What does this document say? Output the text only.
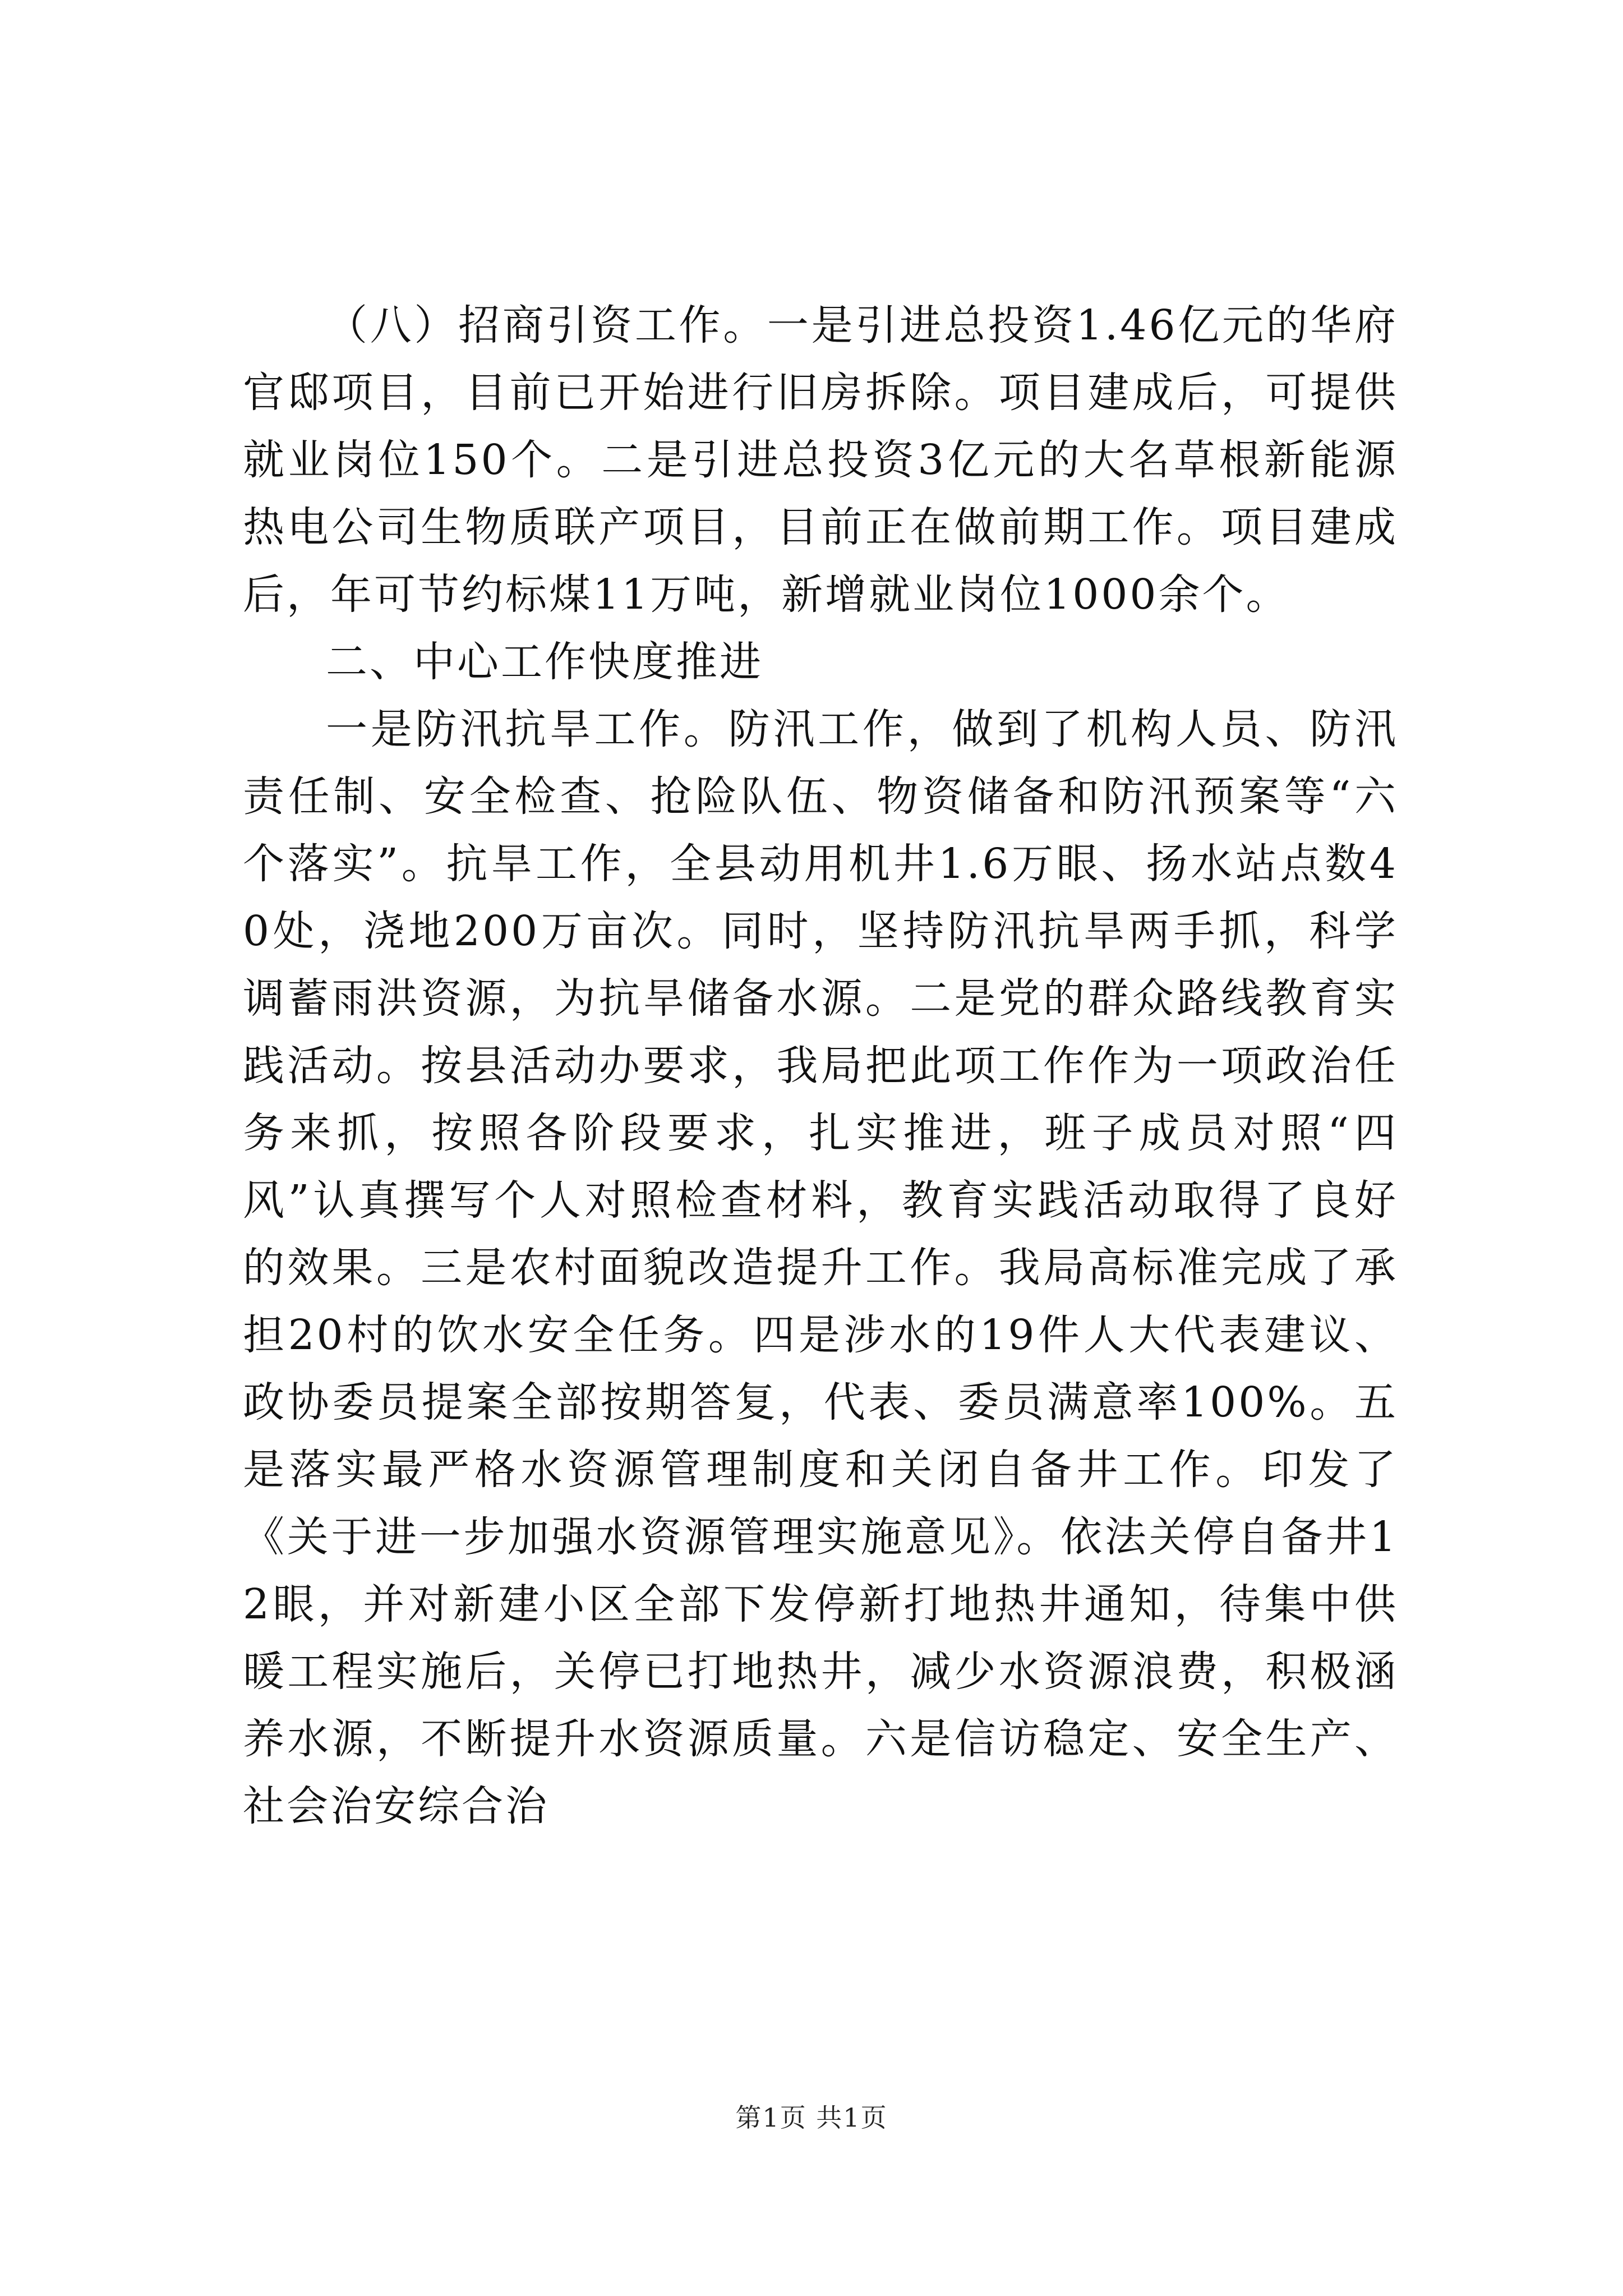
（八）招商引资工作。一是引进总投资1.46亿元的华府官邸项目，目前已开始进行旧房拆除。项目建成后，可提供就业岗位150个。二是引进总投资3亿元的大名草根新能源热电公司生物质联产项目，目前正在做前期工作。项目建成后，年可节约标煤11万吨，新增就业岗位1000余个。

二、中心工作快度推进

一是防汛抗旱工作。防汛工作，做到了机构人员、防汛责任制、安全检查、抢险队伍、物资储备和防汛预案等“六个落实”。抗旱工作，全县动用机井1.6万眼、扬水站点数40处，浇地200万亩次。同时，坚持防汛抗旱两手抓，科学调蓄雨洪资源，为抗旱储备水源。二是党的群众路线教育实践活动。按县活动办要求，我局把此项工作作为一项政治任务来抓，按照各阶段要求，扎实推进，班子成员对照“四风”认真撰写个人对照检查材料，教育实践活动取得了良好的效果。三是农村面貌改造提升工作。我局高标准完成了承担20村的饮水安全任务。四是涉水的19件人大代表建议、政协委员提案全部按期答复，代表、委员满意率100%。五是落实最严格水资源管理制度和关闭自备井工作。印发了《关于进一步加强水资源管理实施意见》。依法关停自备井12眼，并对新建小区全部下发停新打地热井通知，待集中供暖工程实施后，关停已打地热井，减少水资源浪费，积极涵养水源，不断提升水资源质量。六是信访稳定、安全生产、社会治安综合治

第1页 共1页
